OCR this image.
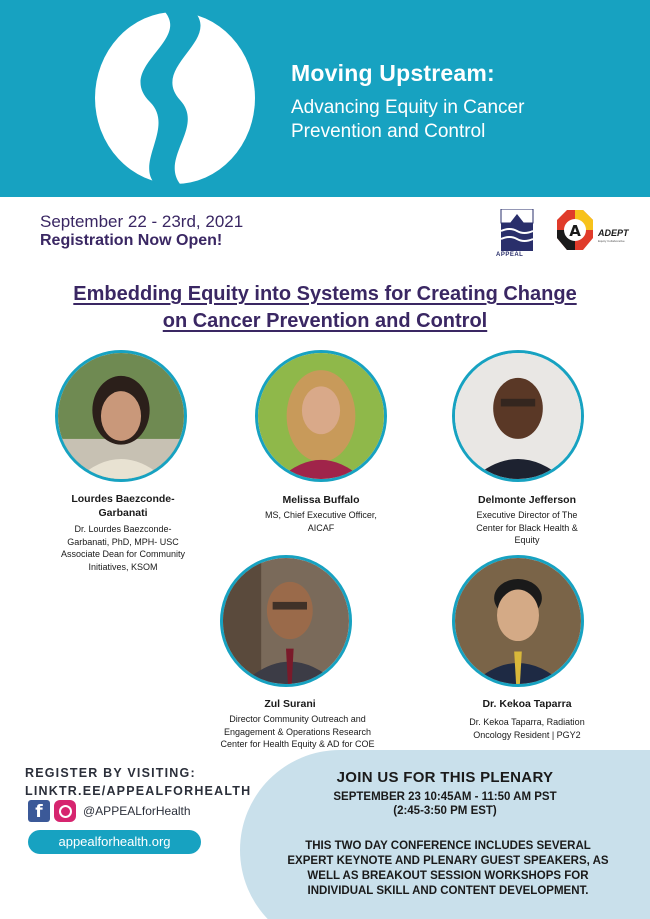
Moving Upstream:
Advancing Equity in Cancer
Prevention and Control
September 22 - 23rd, 2021
Registration Now Open!
APPEAL
A ADEPT
Equity Collaborative
Embedding Equity into Systems for Creating Change
on Cancer Prevention and Control
Lourdes Baezconde-
Garbanati
Dr. Lourdes Baezconde-
Garbanati, PhD, MPH- USC
Associate Dean for Community
Initiatives, KSOM
Melissa Buffalo
MS, Chief Executive Officer,
AICAF
Delmonte Jefferson
Executive Director of The
Center for Black Health &
Equity
Zul Surani
Director Community Outreach and
Engagement & Operations Research
Center for Health Equity & AD for COE
Dr. Kekoa Taparra
Dr. Kekoa Taparra, Radiation
Oncology Resident | PGY2
REGISTER BY VISITING:
LINKTR.EE/APPEALFORHEALTH
f	@APPEALforHealth
appealforhealth.org
JOIN US FOR THIS PLENARY
SEPTEMBER 23 10:45AM - 11:50 AM PST
(2:45-3:50 PM EST)
THIS TWO DAY CONFERENCE INCLUDES SEVERAL
EXPERT KEYNOTE AND PLENARY GUEST SPEAKERS, AS
WELL AS BREAKOUT SESSION WORKSHOPS FOR
INDIVIDUAL SKILL AND CONTENT DEVELOPMENT.
